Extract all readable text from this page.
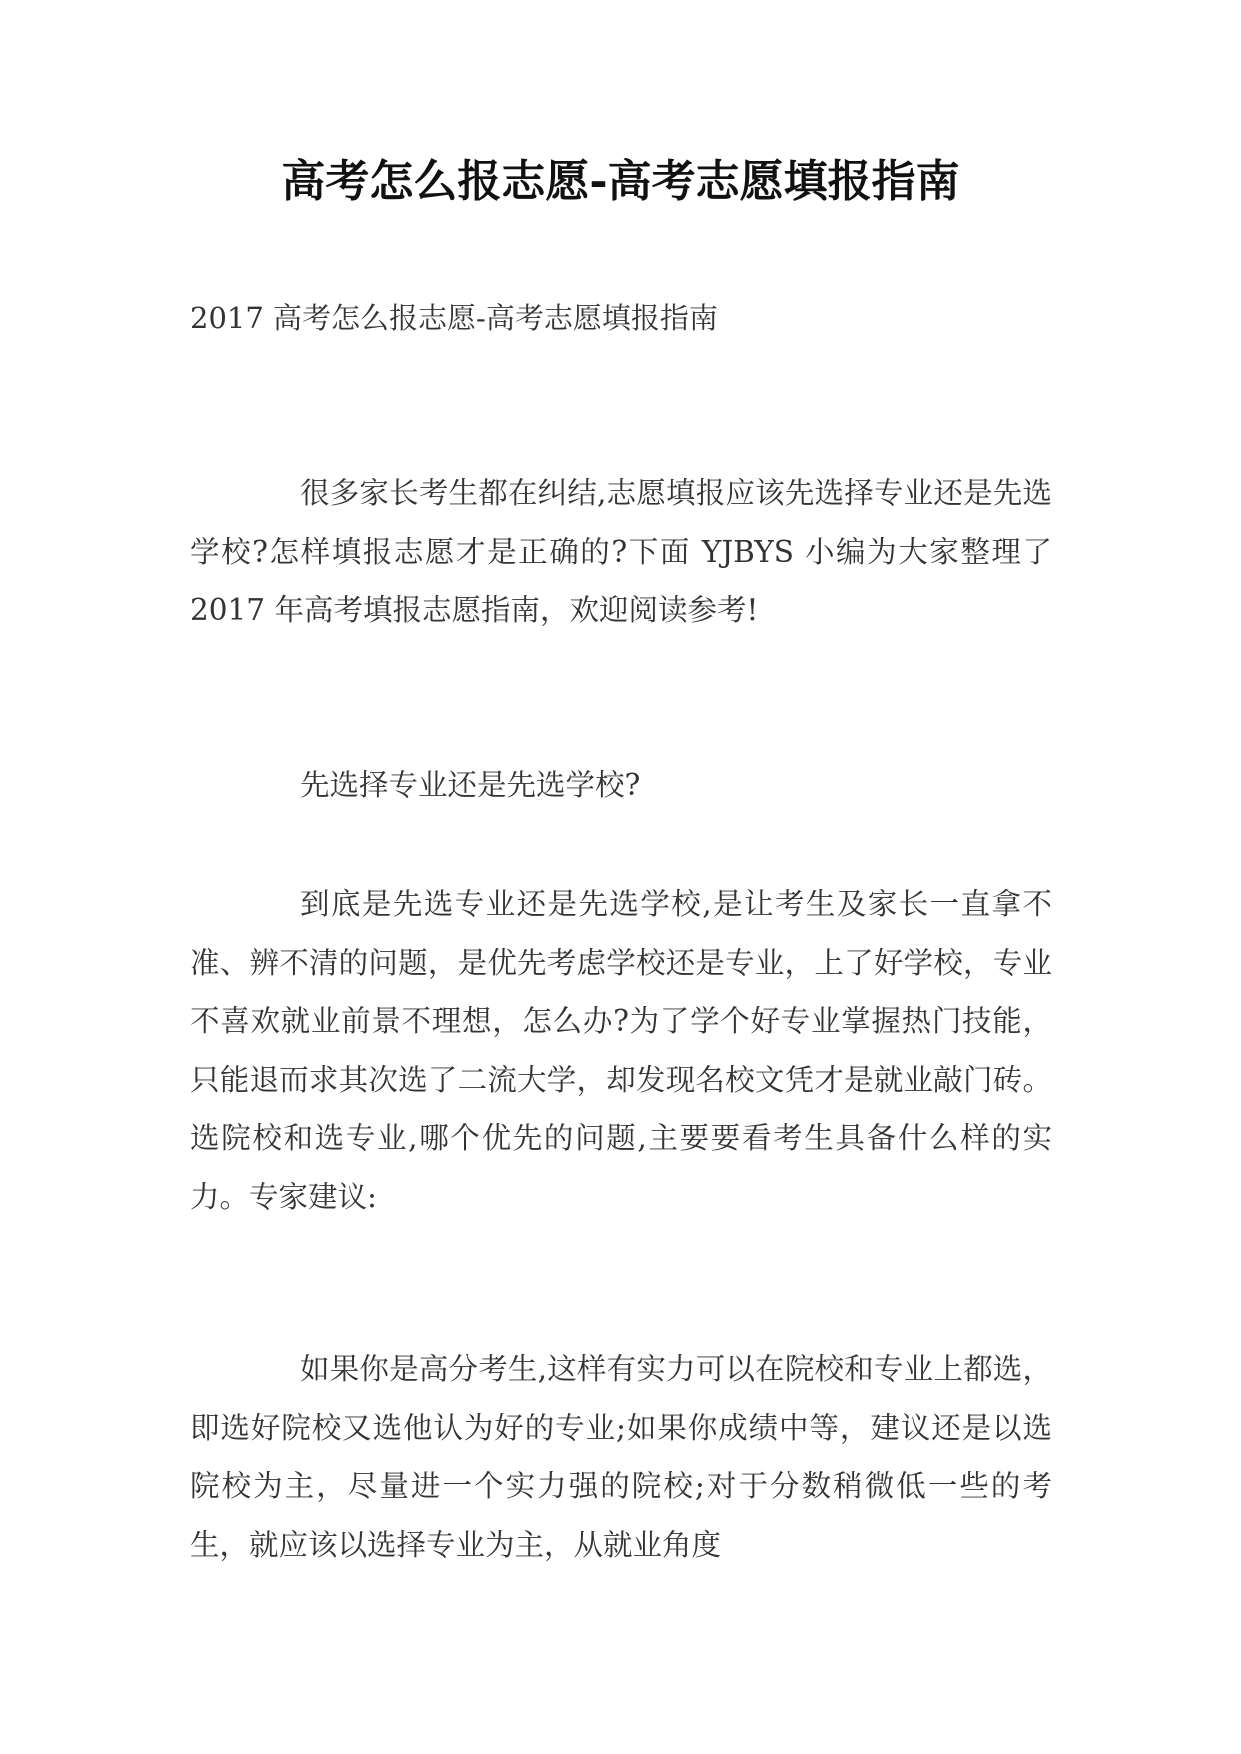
高考怎么报志愿-高考志愿填报指南

2017 高考怎么报志愿-高考志愿填报指南

很多家长考生都在纠结,志愿填报应该先选择专业还是先选学校?怎样填报志愿才是正确的?下面 YJBYS 小编为大家整理了 2017 年高考填报志愿指南，欢迎阅读参考!

先选择专业还是先选学校?

到底是先选专业还是先选学校,是让考生及家长一直拿不准、辨不清的问题，是优先考虑学校还是专业，上了好学校，专业不喜欢就业前景不理想，怎么办?为了学个好专业掌握热门技能，只能退而求其次选了二流大学，却发现名校文凭才是就业敲门砖。选院校和选专业,哪个优先的问题,主要要看考生具备什么样的实力。专家建议:

如果你是高分考生,这样有实力可以在院校和专业上都选，即选好院校又选他认为好的专业;如果你成绩中等，建议还是以选院校为主，尽量进一个实力强的院校;对于分数稍微低一些的考生，就应该以选择专业为主，从就业角度
